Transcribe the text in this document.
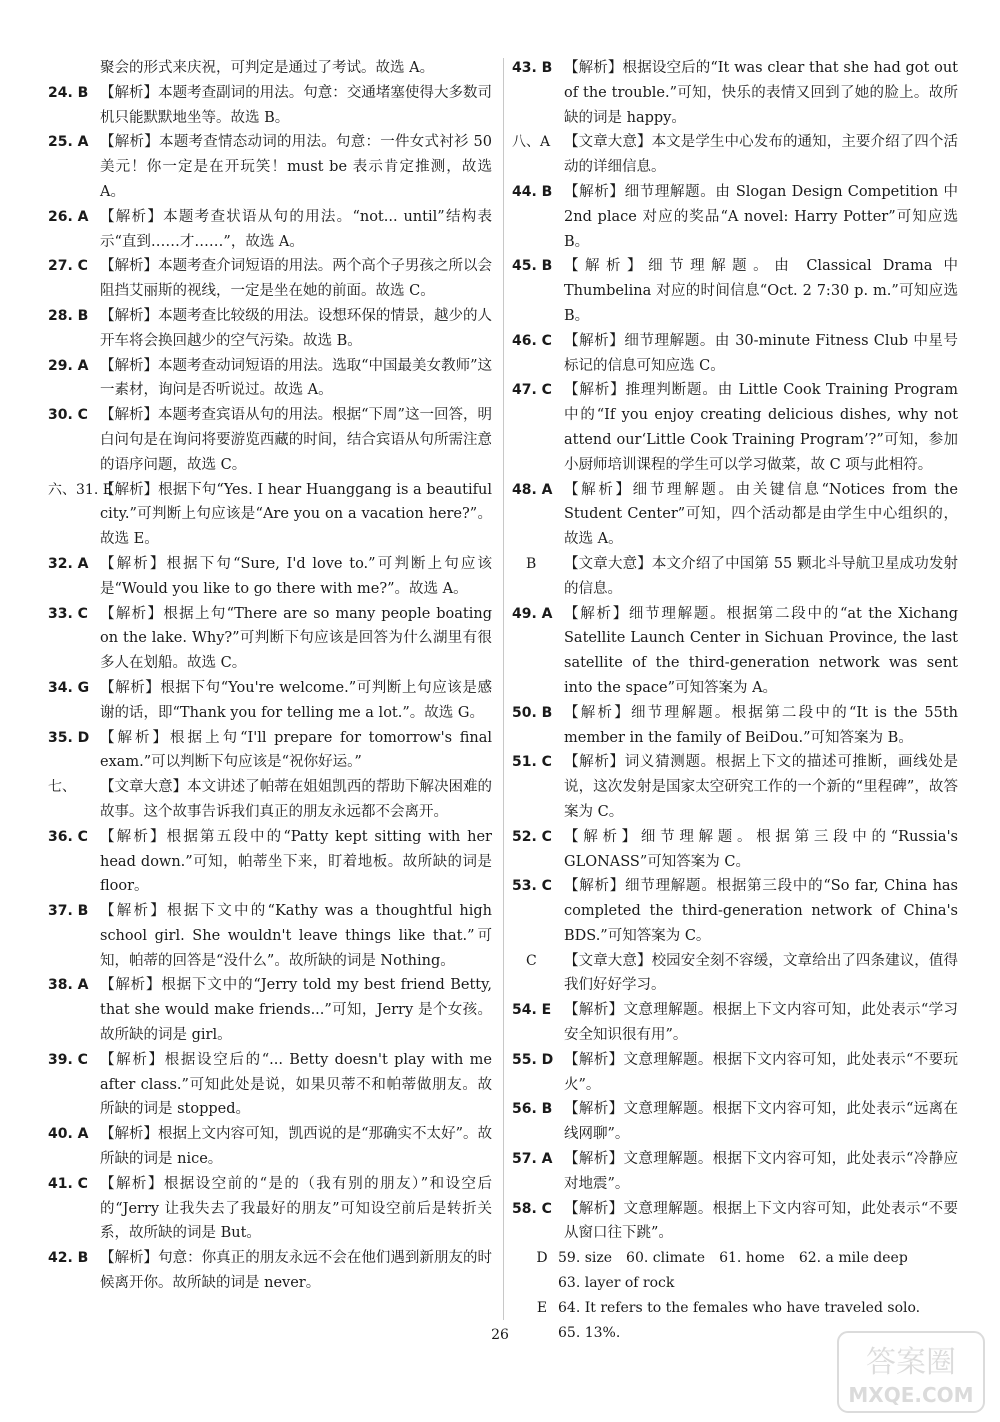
聚会的形式来庆祝，可判定是通过了考试。故选 A。
24. B 【解析】本题考查副词的用法。句意：交通堵塞使得大多数司机只能默默地坐等。故选 B。
25. A 【解析】本题考查情态动词的用法。句意：一件女式衬衫 50 美元！你一定是在开玩笑！must be 表示肯定推测，故选 A。
26. A 【解析】本题考查状语从句的用法。“not... until”结构表示“直到……才……”，故选 A。
27. C 【解析】本题考查介词短语的用法。两个高个子男孩之所以会阻挡艾丽斯的视线，一定是坐在她的前面。故选 C。
28. B 【解析】本题考查比较级的用法。设想环保的情景，越少的人开车将会换回越少的空气污染。故选 B。
29. A 【解析】本题考查动词短语的用法。选取“中国最美女教师”这一素材，询问是否听说过。故选 A。
30. C 【解析】本题考查宾语从句的用法。根据“下周”这一回答，明白问句是在询问将要游览西藏的时间，结合宾语从句所需注意的语序问题，故选 C。
六、31. E
【解析】根据下句“Yes. I hear Huanggang is a beautiful city.”可判断上句应该是“Are you on a vacation here?”。故选 E。
32. A 【解析】根据下句“Sure, I'd love to.”可判断上句应该是“Would you like to go there with me?”。故选 A。
33. C 【解析】根据上句“There are so many people boating on the lake. Why?”可判断下句应该是回答为什么湖里有很多人在划船。故选 C。
34. G 【解析】根据下句“You're welcome.”可判断上句应该是感谢的话，即“Thank you for telling me a lot.”。故选 G。
35. D 【解析】根据上句“I'll prepare for tomorrow's final exam.”可以判断下句应该是“祝你好运。”
七、 【文章大意】本文讲述了帕蒂在姐姐凯西的帮助下解决困难的故事。这个故事告诉我们真正的朋友永远都不会离开。
36. C 【解析】根据第五段中的“Patty kept sitting with her head down.”可知，帕蒂坐下来，盯着地板。故所缺的词是 floor。
37. B 【解析】根据下文中的“Kathy was a thoughtful high school girl. She wouldn't leave things like that.”可知，帕蒂的回答是“没什么”。故所缺的词是 Nothing。
38. A 【解析】根据下文中的“Jerry told my best friend Betty, that she would make friends...”可知，Jerry 是个女孩。故所缺的词是 girl。
39. C 【解析】根据设空后的“... Betty doesn't play with me after class.”可知此处是说，如果贝蒂不和帕蒂做朋友。故所缺的词是 stopped。
40. A 【解析】根据上文内容可知，凯西说的是“那确实不太好”。故所缺的词是 nice。
41. C 【解析】根据设空前的“是的（我有别的朋友）”和设空后的“Jerry 让我失去了我最好的朋友”可知设空前后是转折关系，故所缺的词是 But。
42. B 【解析】句意：你真正的朋友永远不会在他们遇到新朋友的时候离开你。故所缺的词是 never。
43. B 【解析】根据设空后的“It was clear that she had got out of the trouble.”可知，快乐的表情又回到了她的脸上。故所缺的词是 happy。
八、A 【文章大意】本文是学生中心发布的通知，主要介绍了四个活动的详细信息。
44. B 【解析】细节理解题。由 Slogan Design Competition 中 2nd place 对应的奖品“A novel: Harry Potter”可知应选 B。
45. B 【解析】细节理解题。由 Classical Drama 中 Thumbelina 对应的时间信息“Oct. 2 7:30 p. m.”可知应选 B。
46. C 【解析】细节理解题。由 30-minute Fitness Club 中星号标记的信息可知应选 C。
47. C 【解析】推理判断题。由 Little Cook Training Program 中的“If you enjoy creating delicious dishes, why not attend our‘Little Cook Training Program’?”可知，参加小厨师培训课程的学生可以学习做菜，故 C 项与此相符。
48. A 【解析】细节理解题。由关键信息“Notices from the Student Center”可知，四个活动都是由学生中心组织的，故选 A。
B 【文章大意】本文介绍了中国第 55 颗北斗导航卫星成功发射的信息。
49. A 【解析】细节理解题。根据第二段中的“at the Xichang Satellite Launch Center in Sichuan Province, the last satellite of the third-generation network was sent into the space”可知答案为 A。
50. B 【解析】细节理解题。根据第二段中的“It is the 55th member in the family of BeiDou.”可知答案为 B。
51. C 【解析】词义猜测题。根据上下文的描述可推断，画线处是说，这次发射是国家太空研究工作的一个新的“里程碑”，故答案为 C。
52. C 【解析】细节理解题。根据第三段中的“Russia's GLONASS”可知答案为 C。
53. C 【解析】细节理解题。根据第三段中的“So far, China has completed the third-generation network of China's BDS.”可知答案为 C。
C 【文章大意】校园安全刻不容缓，文章给出了四条建议，值得我们好好学习。
54. E 【解析】文意理解题。根据上下文内容可知，此处表示“学习安全知识很有用”。
55. D 【解析】文意理解题。根据下文内容可知，此处表示“不要玩火”。
56. B 【解析】文意理解题。根据下文内容可知，此处表示“远离在线网聊”。
57. A 【解析】文意理解题。根据下文内容可知，此处表示“冷静应对地震”。
58. C 【解析】文意理解题。根据上下文内容可知，此处表示“不要从窗口往下跳”。
D 59. size 60. climate 61. home 62. a mile deep
63. layer of rock
E 64. It refers to the females who have traveled solo.
65. 13%.
26
答案圈
MXQE.COM
